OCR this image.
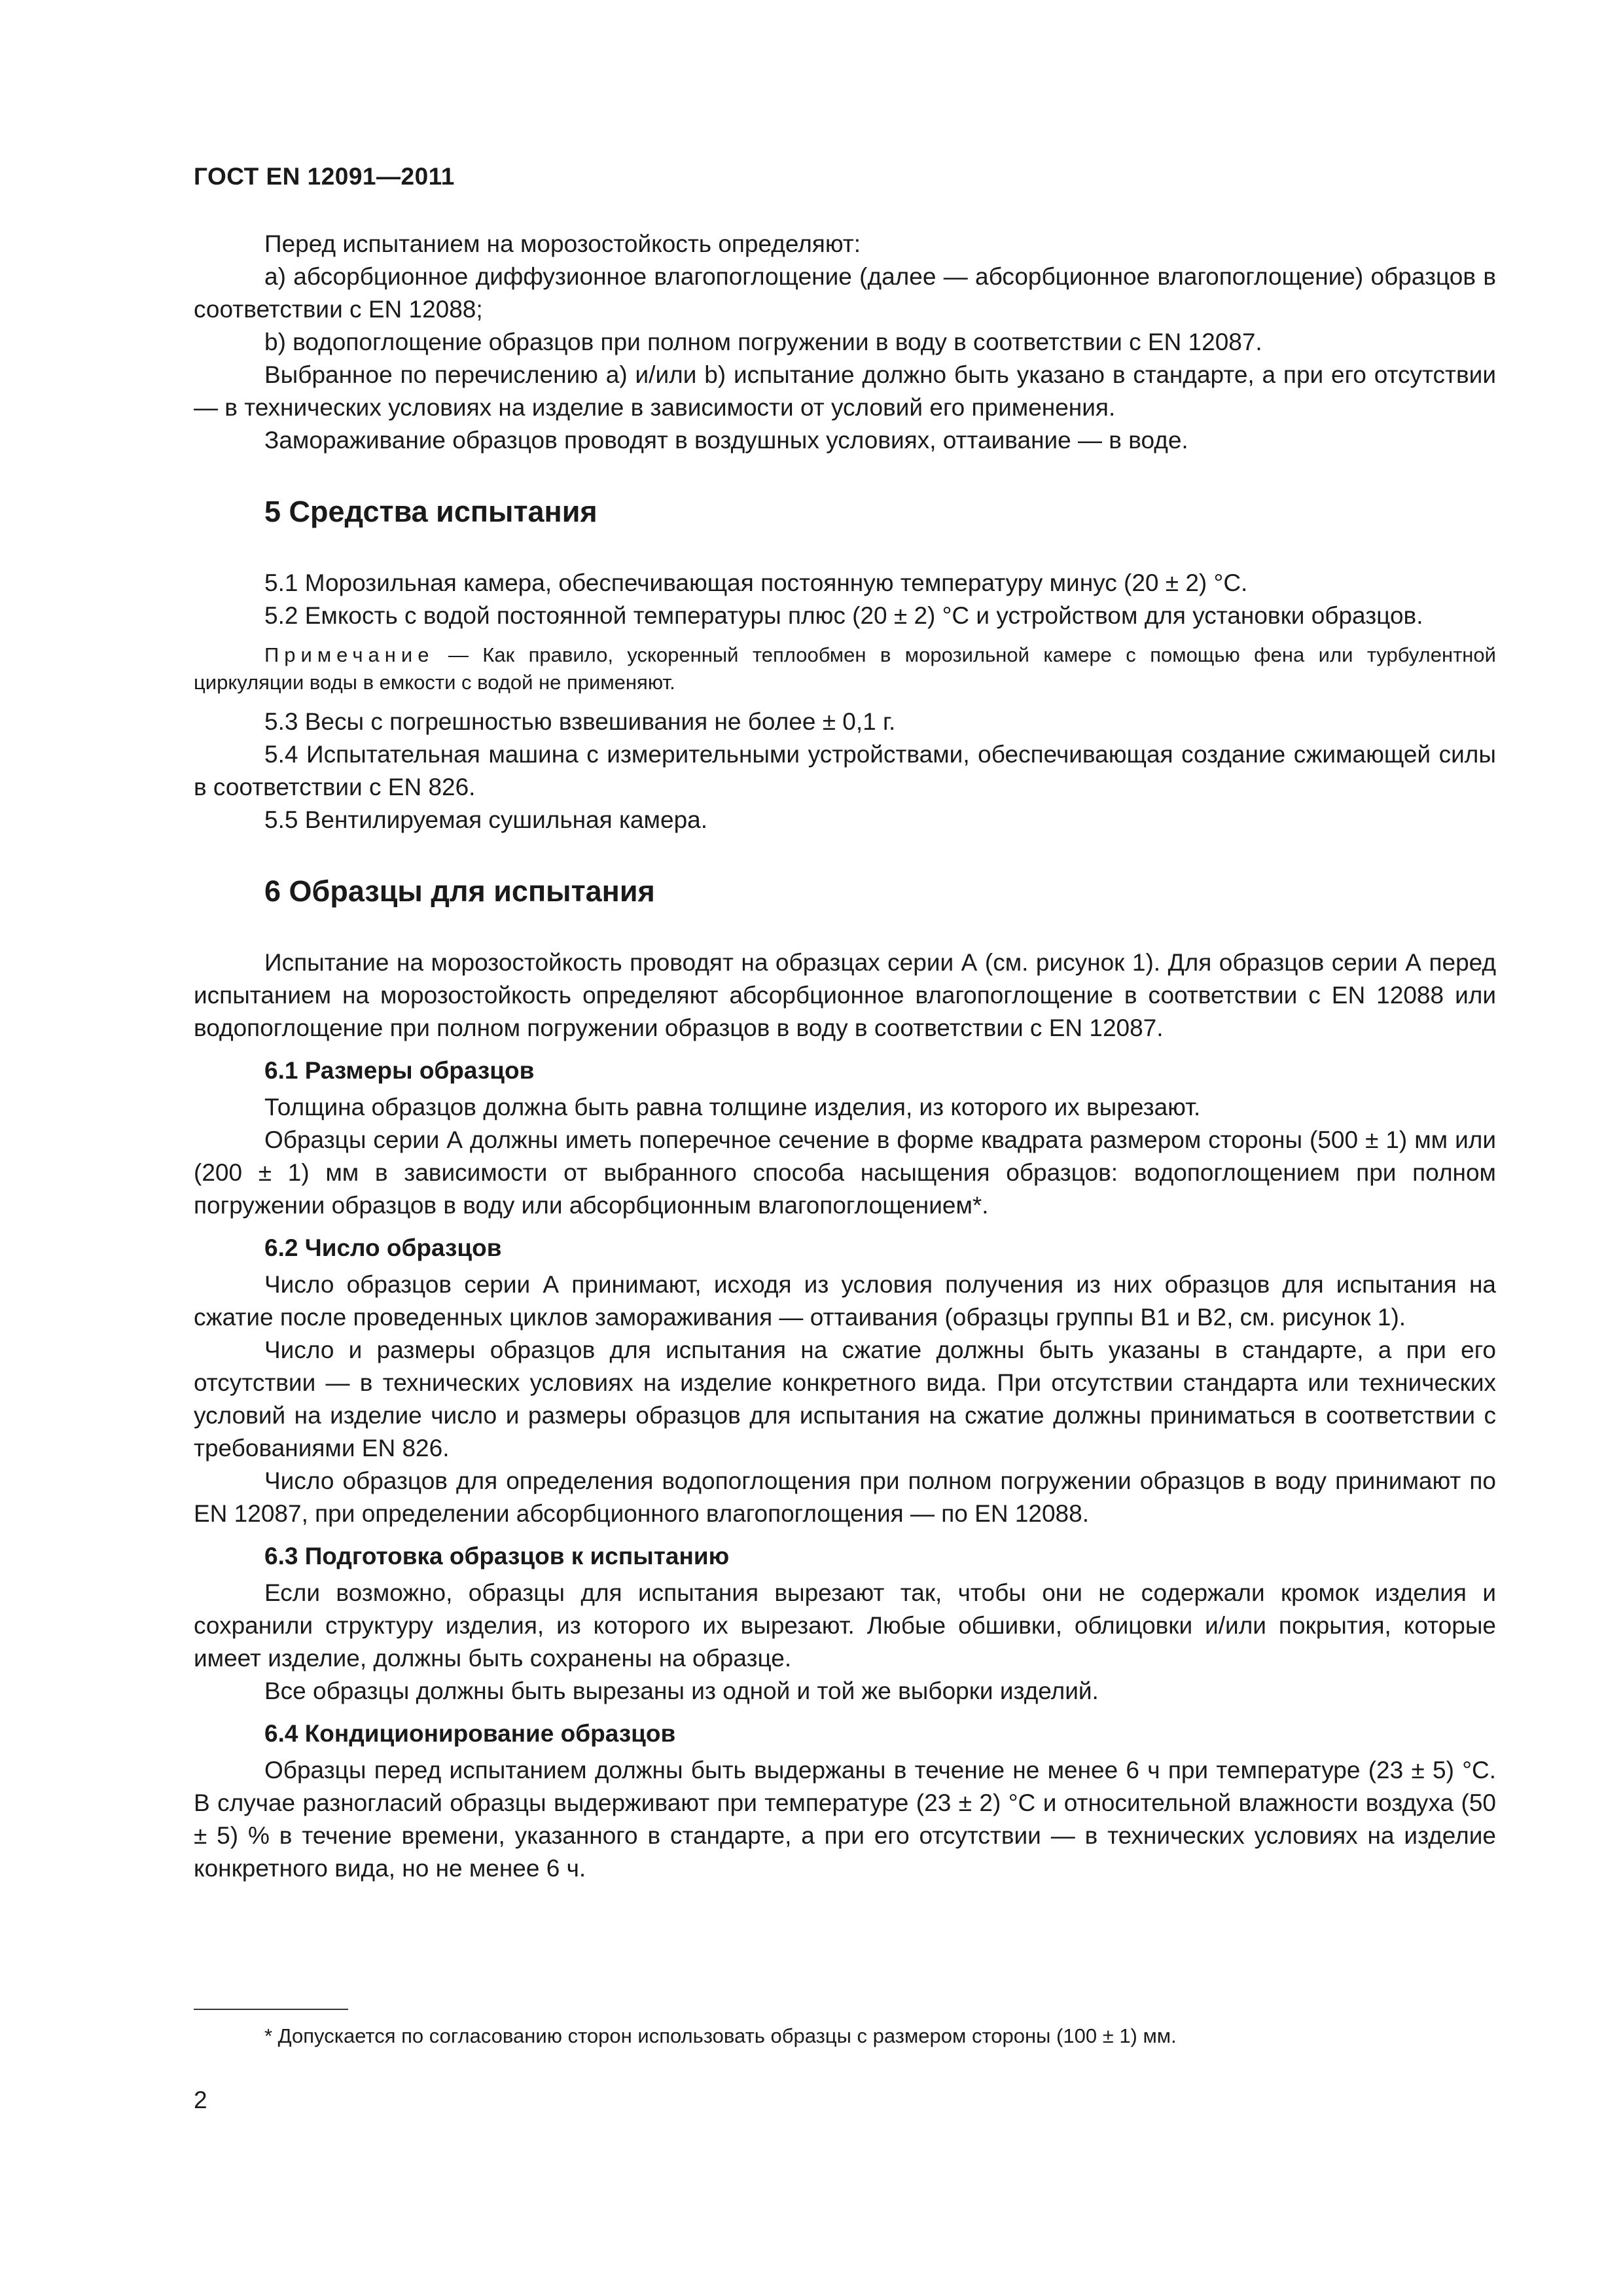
ГОСТ EN 12091—2011

Перед испытанием на морозостойкость определяют:

a) абсорбционное диффузионное влагопоглощение (далее — абсорбционное влагопоглощение) образцов в соответствии с EN 12088;

b) водопоглощение образцов при полном погружении в воду в соответствии с EN 12087.

Выбранное по перечислению a) и/или b) испытание должно быть указано в стандарте, а при его отсутствии — в технических условиях на изделие в зависимости от условий его применения.

Замораживание образцов проводят в воздушных условиях, оттаивание — в воде.

5 Средства испытания

5.1 Морозильная камера, обеспечивающая постоянную температуру минус (20 ± 2) °С.

5.2 Емкость с водой постоянной температуры плюс (20 ± 2) °С и устройством для установки образцов.

Примечание — Как правило, ускоренный теплообмен в морозильной камере с помощью фена или турбулентной циркуляции воды в емкости с водой не применяют.

5.3 Весы с погрешностью взвешивания не более ± 0,1 г.

5.4 Испытательная машина с измерительными устройствами, обеспечивающая создание сжимающей силы в соответствии с EN 826.

5.5 Вентилируемая сушильная камера.

6 Образцы для испытания

Испытание на морозостойкость проводят на образцах серии А (см. рисунок 1). Для образцов серии А перед испытанием на морозостойкость определяют абсорбционное влагопоглощение в соответствии с EN 12088 или водопоглощение при полном погружении образцов в воду в соответствии с EN 12087.

6.1 Размеры образцов

Толщина образцов должна быть равна толщине изделия, из которого их вырезают.

Образцы серии А должны иметь поперечное сечение в форме квадрата размером стороны (500 ± 1) мм или (200 ± 1) мм в зависимости от выбранного способа насыщения образцов: водопоглощением при полном погружении образцов в воду или абсорбционным влагопоглощением*.

6.2 Число образцов

Число образцов серии А принимают, исходя из условия получения из них образцов для испытания на сжатие после проведенных циклов замораживания — оттаивания (образцы группы В1 и В2, см. рисунок 1).

Число и размеры образцов для испытания на сжатие должны быть указаны в стандарте, а при его отсутствии — в технических условиях на изделие конкретного вида. При отсутствии стандарта или технических условий на изделие число и размеры образцов для испытания на сжатие должны приниматься в соответствии с требованиями EN 826.

Число образцов для определения водопоглощения при полном погружении образцов в воду принимают по EN 12087, при определении абсорбционного влагопоглощения — по EN 12088.

6.3 Подготовка образцов к испытанию

Если возможно, образцы для испытания вырезают так, чтобы они не содержали кромок изделия и сохранили структуру изделия, из которого их вырезают. Любые обшивки, облицовки и/или покрытия, которые имеет изделие, должны быть сохранены на образце.

Все образцы должны быть вырезаны из одной и той же выборки изделий.

6.4 Кондиционирование образцов

Образцы перед испытанием должны быть выдержаны в течение не менее 6 ч при температуре (23 ± 5) °С. В случае разногласий образцы выдерживают при температуре (23 ± 2) °С и относительной влажности воздуха (50 ± 5) % в течение времени, указанного в стандарте, а при его отсутствии — в технических условиях на изделие конкретного вида, но не менее 6 ч.

* Допускается по согласованию сторон использовать образцы с размером стороны (100 ± 1) мм.

2
